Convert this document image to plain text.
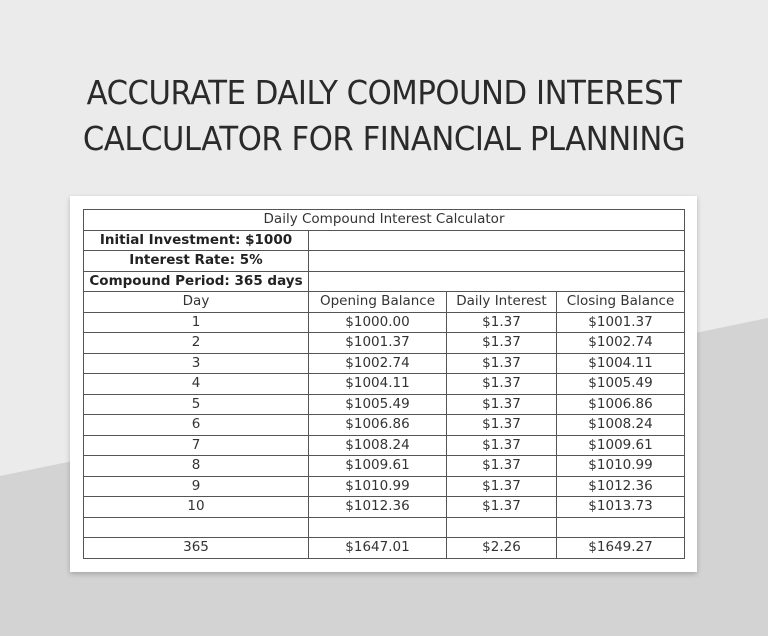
ACCURATE DAILY COMPOUND INTEREST
CALCULATOR FOR FINANCIAL PLANNING
Daily Compound Interest Calculator			
Initial Investment: $1000			
Interest Rate: 5%			
Compound Period: 365 days			
Day	Opening Balance	Daily Interest	Closing Balance
1	$1000.00	$1.37	$1001.37
2	$1001.37	$1.37	$1002.74
3	$1002.74	$1.37	$1004.11
4	$1004.11	$1.37	$1005.49
5	$1005.49	$1.37	$1006.86
6	$1006.86	$1.37	$1008.24
7	$1008.24	$1.37	$1009.61
8	$1009.61	$1.37	$1010.99
9	$1010.99	$1.37	$1012.36
10	$1012.36	$1.37	$1013.73

365	$1647.01	$2.26	$1649.27
